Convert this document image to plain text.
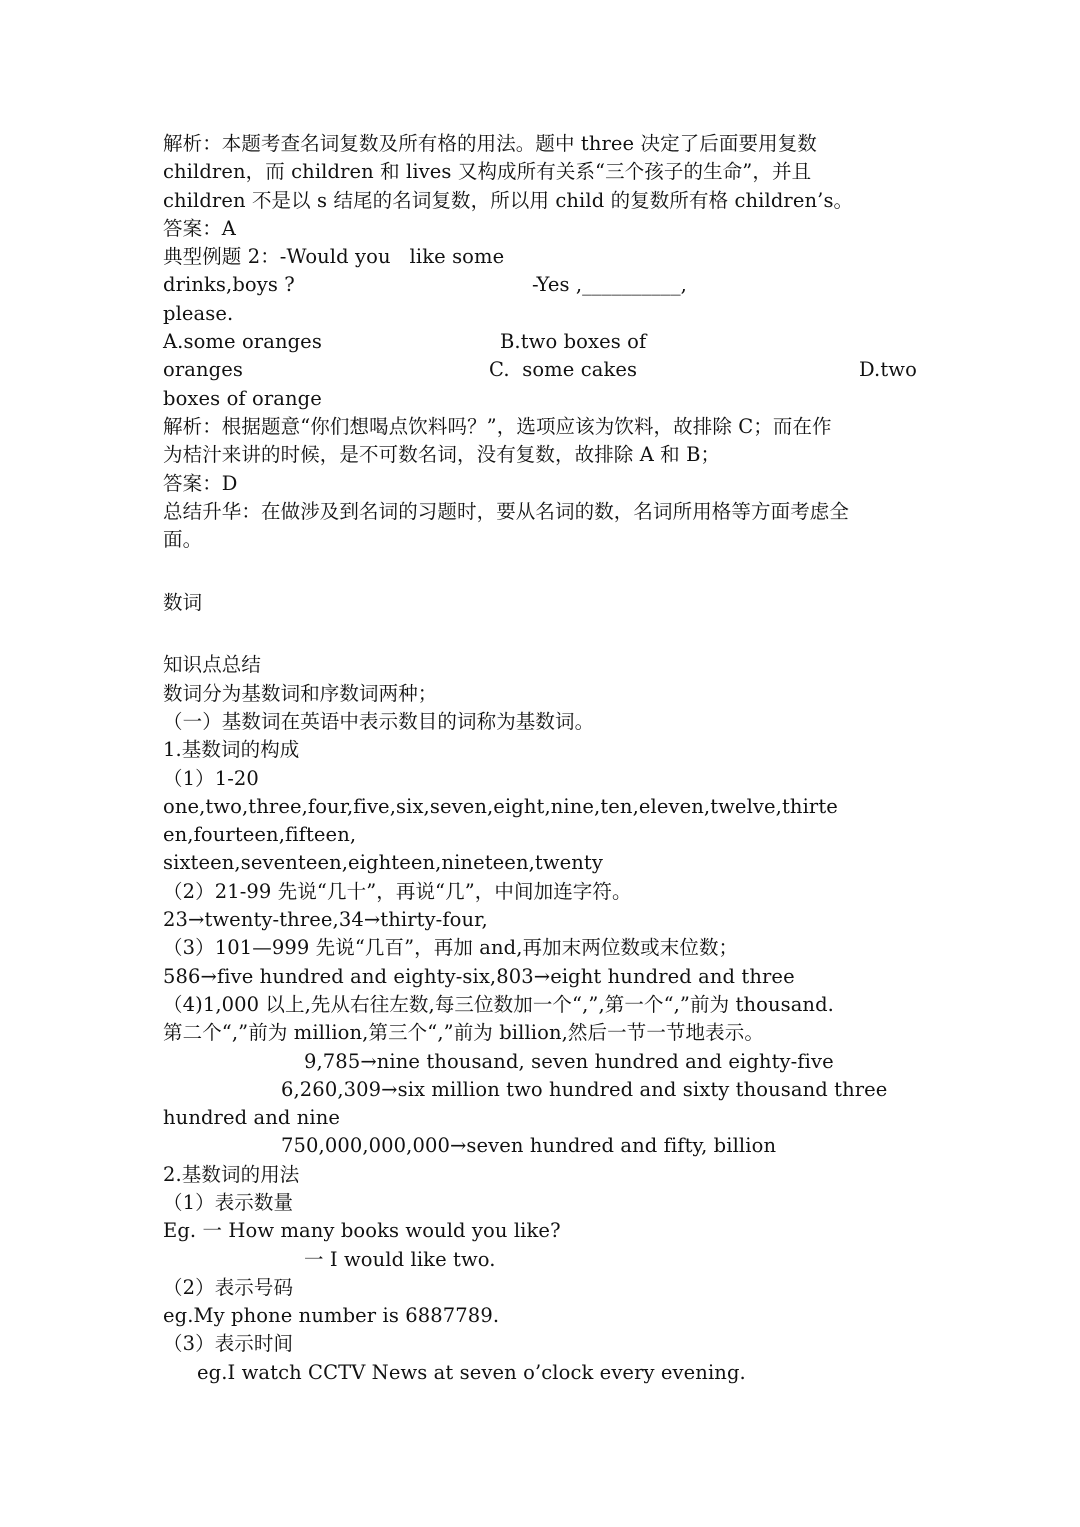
解析：本题考查名词复数及所有格的用法。题中 three 决定了后面要用复数
children，而 children 和 lives 又构成所有关系“三个孩子的生命”，并且
children 不是以 s 结尾的名词复数，所以用 child 的复数所有格 children’s。
答案：A
典型例题 2：-Would you   like some
drinks,boys ?	-Yes ,__________,
please.
A.some oranges	B.two boxes of
oranges	C.  some cakes	D.two
boxes of orange
解析：根据题意“你们想喝点饮料吗？”，选项应该为饮料，故排除 C；而在作
为桔汁来讲的时候，是不可数名词，没有复数，故排除 A 和 B；
答案：D
总结升华：在做涉及到名词的习题时，要从名词的数，名词所用格等方面考虑全
面。
数词
知识点总结
数词分为基数词和序数词两种；
（一）基数词在英语中表示数目的词称为基数词。
1.基数词的构成
（1）1-20
one,two,three,four,five,six,seven,eight,nine,ten,eleven,twelve,thirte
en,fourteen,fifteen,
sixteen,seventeen,eighteen,nineteen,twenty
（2）21-99 先说“几十”，再说“几”，中间加连字符。
23→twenty-three,34→thirty-four,
（3）101—999 先说“几百”，再加 and,再加末两位数或末位数；
586→five hundred and eighty-six,803→eight hundred and three
（4)1,000 以上,先从右往左数,每三位数加一个“,”,第一个“,”前为 thousand.
第二个“,”前为 million,第三个“,”前为 billion,然后一节一节地表示。
9,785→nine thousand, seven hundred and eighty-five
6,260,309→six million two hundred and sixty thousand three
hundred and nine
750,000,000,000→seven hundred and fifty, billion
2.基数词的用法
（1）表示数量
Eg. 一 How many books would you like?
一 I would like two.
（2）表示号码
eg.My phone number is 6887789.
（3）表示时间
eg.I watch CCTV News at seven o’clock every evening.
